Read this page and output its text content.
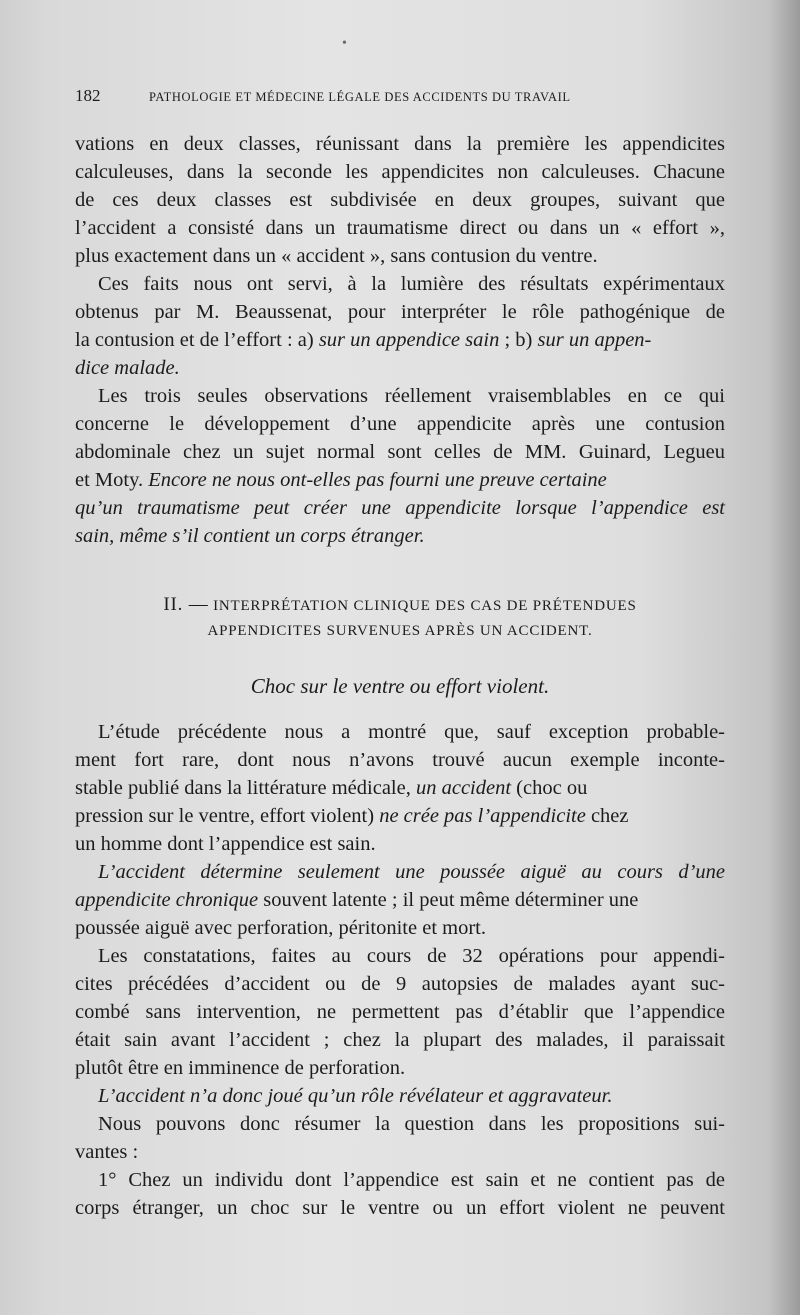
•
182	PATHOLOGIE ET MÉDECINE LÉGALE DES ACCIDENTS DU TRAVAIL
vations en deux classes, réunissant dans la première les appendicites
calculeuses, dans la seconde les appendicites non calculeuses. Chacune
de ces deux classes est subdivisée en deux groupes, suivant que
l’accident a consisté dans un traumatisme direct ou dans un « effort »,
plus exactement dans un « accident », sans contusion du ventre.
Ces faits nous ont servi, à la lumière des résultats expérimentaux
obtenus par M. Beaussenat, pour interpréter le rôle pathogénique de
la contusion et de l’effort : a) sur un appendice sain ; b) sur un appen-
dice malade.
Les trois seules observations réellement vraisemblables en ce qui
concerne le développement d’une appendicite après une contusion
abdominale chez un sujet normal sont celles de MM. Guinard, Legueu
et Moty. Encore ne nous ont-elles pas fourni une preuve certaine
qu’un traumatisme peut créer une appendicite lorsque l’appendice est
sain, même s’il contient un corps étranger.
II. — INTERPRÉTATION CLINIQUE DES CAS DE PRÉTENDUES
APPENDICITES SURVENUES APRÈS UN ACCIDENT.
Choc sur le ventre ou effort violent.
L’étude précédente nous a montré que, sauf exception probable-
ment fort rare, dont nous n’avons trouvé aucun exemple inconte-
stable publié dans la littérature médicale, un accident (choc ou
pression sur le ventre, effort violent) ne crée pas l’appendicite chez
un homme dont l’appendice est sain.
L’accident détermine seulement une poussée aiguë au cours d’une
appendicite chronique souvent latente ; il peut même déterminer une
poussée aiguë avec perforation, péritonite et mort.
Les constatations, faites au cours de 32 opérations pour appendi-
cites précédées d’accident ou de 9 autopsies de malades ayant suc-
combé sans intervention, ne permettent pas d’établir que l’appendice
était sain avant l’accident ; chez la plupart des malades, il paraissait
plutôt être en imminence de perforation.
L’accident n’a donc joué qu’un rôle révélateur et aggravateur.
Nous pouvons donc résumer la question dans les propositions sui-
vantes :
1° Chez un individu dont l’appendice est sain et ne contient pas de
corps étranger, un choc sur le ventre ou un effort violent ne peuvent
